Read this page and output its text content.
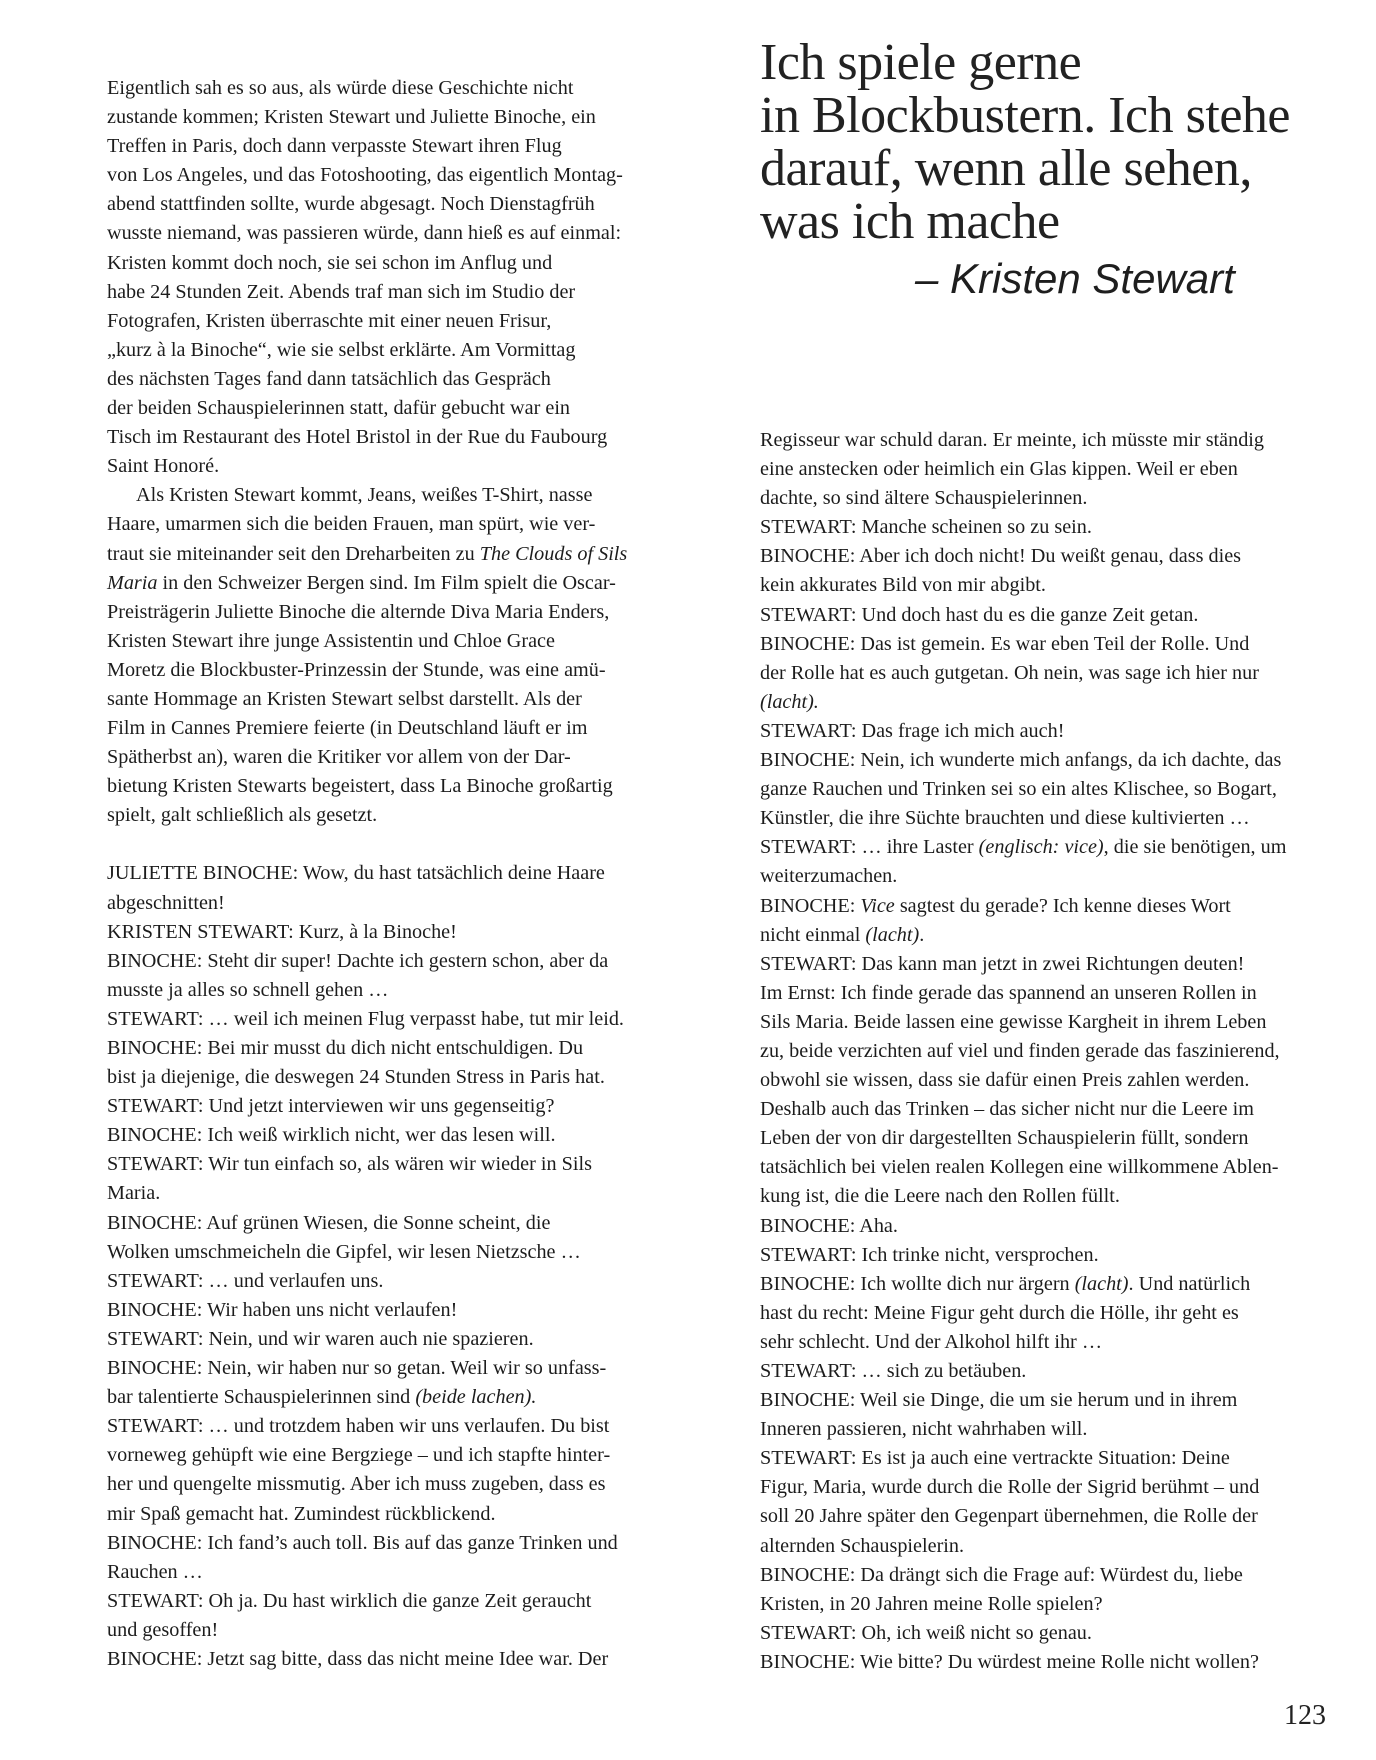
Ich spiele gerne
in Blockbustern. Ich stehe
darauf, wenn alle sehen,
was ich mache
– Kristen Stewart
Eigentlich sah es so aus, als würde diese Geschichte nicht
zustande kommen; Kristen Stewart und Juliette Binoche, ein
Treffen in Paris, doch dann verpasste Stewart ihren Flug
von Los Angeles, und das Fotoshooting, das eigentlich Montag-
abend stattfinden sollte, wurde abgesagt. Noch Dienstagfrüh
wusste niemand, was passieren würde, dann hieß es auf einmal:
Kristen kommt doch noch, sie sei schon im Anflug und
habe 24 Stunden Zeit. Abends traf man sich im Studio der
Fotografen, Kristen überraschte mit einer neuen Frisur,
„kurz à la Binoche“, wie sie selbst erklärte. Am Vormittag
des nächsten Tages fand dann tatsächlich das Gespräch
der beiden Schauspielerinnen statt, dafür gebucht war ein
Tisch im Restaurant des Hotel Bristol in der Rue du Faubourg
Saint Honoré.
Als Kristen Stewart kommt, Jeans, weißes T-Shirt, nasse
Haare, umarmen sich die beiden Frauen, man spürt, wie ver-
traut sie miteinander seit den Dreharbeiten zu The Clouds of Sils
Maria in den Schweizer Bergen sind. Im Film spielt die Oscar-
Preisträgerin Juliette Binoche die alternde Diva Maria Enders,
Kristen Stewart ihre junge Assistentin und Chloe Grace
Moretz die Blockbuster-Prinzessin der Stunde, was eine amü-
sante Hommage an Kristen Stewart selbst darstellt. Als der
Film in Cannes Premiere feierte (in Deutschland läuft er im
Spätherbst an), waren die Kritiker vor allem von der Dar-
bietung Kristen Stewarts begeistert, dass La Binoche großartig
spielt, galt schließlich als gesetzt.
JULIETTE BINOCHE: Wow, du hast tatsächlich deine Haare
abgeschnitten!
KRISTEN STEWART: Kurz, à la Binoche!
BINOCHE: Steht dir super! Dachte ich gestern schon, aber da
musste ja alles so schnell gehen …
STEWART: … weil ich meinen Flug verpasst habe, tut mir leid.
BINOCHE: Bei mir musst du dich nicht entschuldigen. Du
bist ja diejenige, die deswegen 24 Stunden Stress in Paris hat.
STEWART: Und jetzt interviewen wir uns gegenseitig?
BINOCHE: Ich weiß wirklich nicht, wer das lesen will.
STEWART: Wir tun einfach so, als wären wir wieder in Sils
Maria.
BINOCHE: Auf grünen Wiesen, die Sonne scheint, die
Wolken umschmeicheln die Gipfel, wir lesen Nietzsche …
STEWART: … und verlaufen uns.
BINOCHE: Wir haben uns nicht verlaufen!
STEWART: Nein, und wir waren auch nie spazieren.
BINOCHE: Nein, wir haben nur so getan. Weil wir so unfass-
bar talentierte Schauspielerinnen sind (beide lachen).
STEWART: … und trotzdem haben wir uns verlaufen. Du bist
vorneweg gehüpft wie eine Bergziege – und ich stapfte hinter-
her und quengelte missmutig. Aber ich muss zugeben, dass es
mir Spaß gemacht hat. Zumindest rückblickend.
BINOCHE: Ich fand’s auch toll. Bis auf das ganze Trinken und
Rauchen …
STEWART: Oh ja. Du hast wirklich die ganze Zeit geraucht
und gesoffen!
BINOCHE: Jetzt sag bitte, dass das nicht meine Idee war. Der
Regisseur war schuld daran. Er meinte, ich müsste mir ständig
eine anstecken oder heimlich ein Glas kippen. Weil er eben
dachte, so sind ältere Schauspielerinnen.
STEWART: Manche scheinen so zu sein.
BINOCHE: Aber ich doch nicht! Du weißt genau, dass dies
kein akkurates Bild von mir abgibt.
STEWART: Und doch hast du es die ganze Zeit getan.
BINOCHE: Das ist gemein. Es war eben Teil der Rolle. Und
der Rolle hat es auch gutgetan. Oh nein, was sage ich hier nur
(lacht).
STEWART: Das frage ich mich auch!
BINOCHE: Nein, ich wunderte mich anfangs, da ich dachte, das
ganze Rauchen und Trinken sei so ein altes Klischee, so Bogart,
Künstler, die ihre Süchte brauchten und diese kultivierten …
STEWART: … ihre Laster (englisch: vice), die sie benötigen, um
weiterzumachen.
BINOCHE: Vice sagtest du gerade? Ich kenne dieses Wort
nicht einmal (lacht).
STEWART: Das kann man jetzt in zwei Richtungen deuten!
Im Ernst: Ich finde gerade das spannend an unseren Rollen in
Sils Maria. Beide lassen eine gewisse Kargheit in ihrem Leben
zu, beide verzichten auf viel und finden gerade das faszinierend,
obwohl sie wissen, dass sie dafür einen Preis zahlen werden.
Deshalb auch das Trinken – das sicher nicht nur die Leere im
Leben der von dir dargestellten Schauspielerin füllt, sondern
tatsächlich bei vielen realen Kollegen eine willkommene Ablen-
kung ist, die die Leere nach den Rollen füllt.
BINOCHE: Aha.
STEWART: Ich trinke nicht, versprochen.
BINOCHE: Ich wollte dich nur ärgern (lacht). Und natürlich
hast du recht: Meine Figur geht durch die Hölle, ihr geht es
sehr schlecht. Und der Alkohol hilft ihr …
STEWART: … sich zu betäuben.
BINOCHE: Weil sie Dinge, die um sie herum und in ihrem
Inneren passieren, nicht wahrhaben will.
STEWART: Es ist ja auch eine vertrackte Situation: Deine
Figur, Maria, wurde durch die Rolle der Sigrid berühmt – und
soll 20 Jahre später den Gegenpart übernehmen, die Rolle der
alternden Schauspielerin.
BINOCHE: Da drängt sich die Frage auf: Würdest du, liebe
Kristen, in 20 Jahren meine Rolle spielen?
STEWART: Oh, ich weiß nicht so genau.
BINOCHE: Wie bitte? Du würdest meine Rolle nicht wollen?
123
